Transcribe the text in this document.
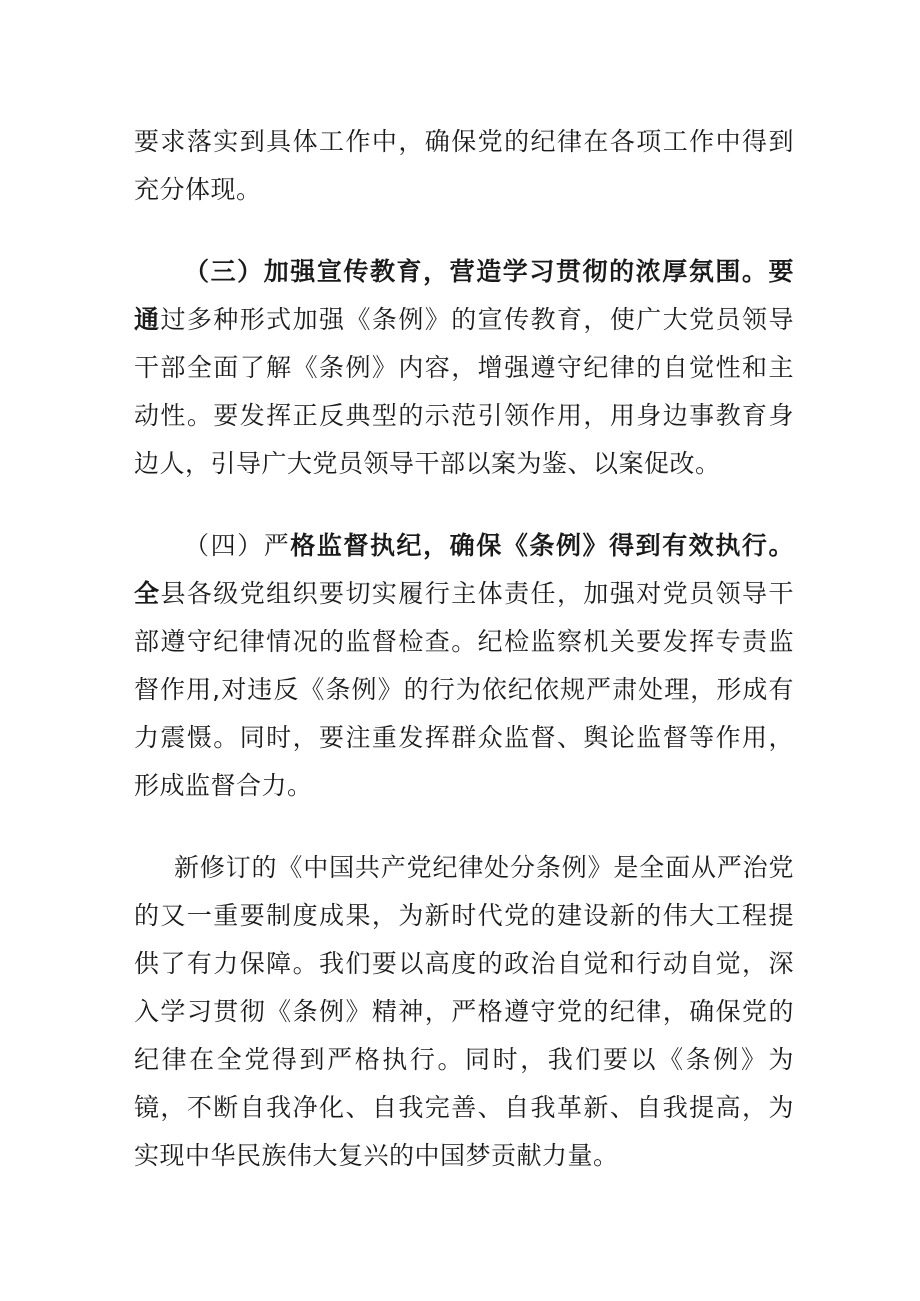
要求落实到具体工作中，确保党的纪律在各项工作中得到充分体现。

（三）加强宣传教育，营造学习贯彻的浓厚氛围。要通过多种形式加强《条例》的宣传教育，使广大党员领导干部全面了解《条例》内容，增强遵守纪律的自觉性和主动性。要发挥正反典型的示范引领作用，用身边事教育身边人，引导广大党员领导干部以案为鉴、以案促改。

（四）严格监督执纪，确保《条例》得到有效执行。全县各级党组织要切实履行主体责任，加强对党员领导干部遵守纪律情况的监督检查。纪检监察机关要发挥专责监督作用,对违反《条例》的行为依纪依规严肃处理，形成有力震慑。同时，要注重发挥群众监督、舆论监督等作用，形成监督合力。

新修订的《中国共产党纪律处分条例》是全面从严治党的又一重要制度成果，为新时代党的建设新的伟大工程提供了有力保障。我们要以高度的政治自觉和行动自觉，深入学习贯彻《条例》精神，严格遵守党的纪律，确保党的纪律在全党得到严格执行。同时，我们要以《条例》为镜，不断自我净化、自我完善、自我革新、自我提高，为实现中华民族伟大复兴的中国梦贡献力量。
